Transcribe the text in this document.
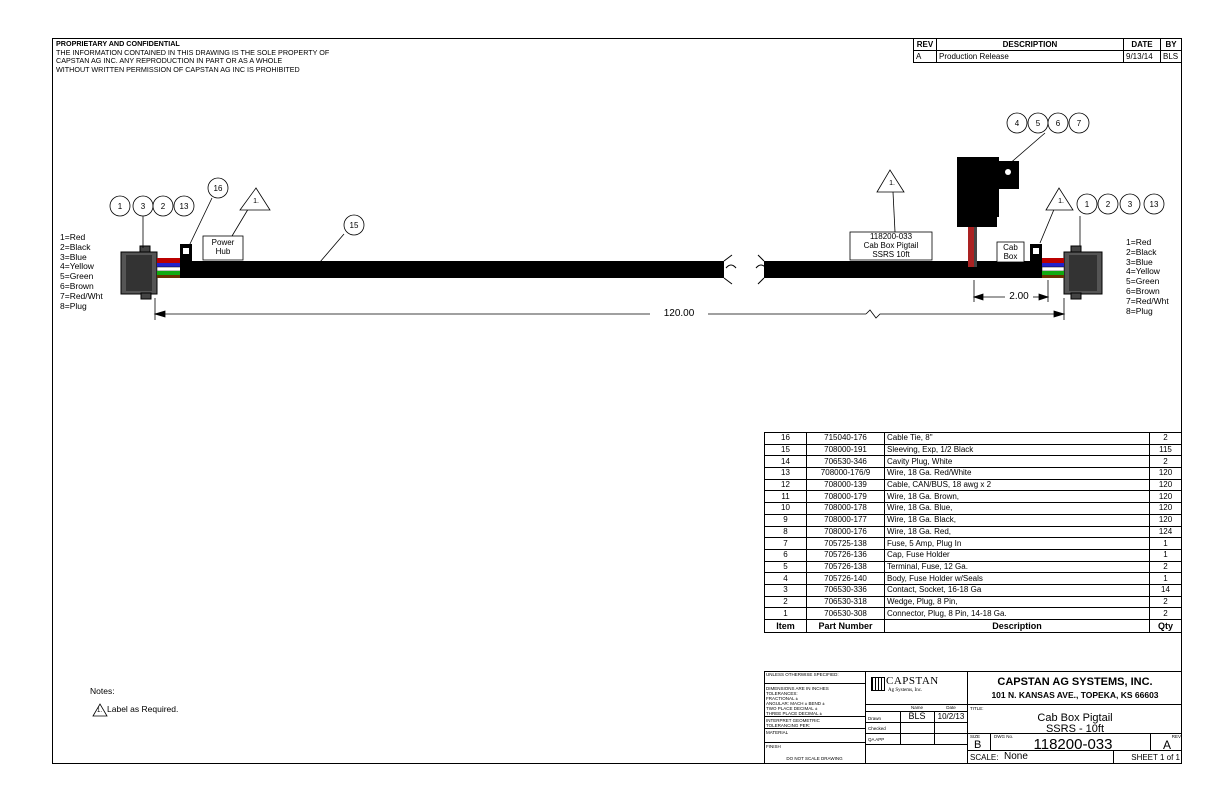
PROPRIETARY AND CONFIDENTIAL
THE INFORMATION CONTAINED IN THIS DRAWING IS THE SOLE PROPERTY OF
CAPSTAN AG INC. ANY REPRODUCTION IN PART OR AS A WHOLE
WITHOUT WRITTEN PERMISSION OF CAPSTAN AG INC IS PROHIBITED
REV	DESCRIPTION	DATE	BY
A	Production Release	9/13/14	BLS
1	3	2	13
16
15
4	5	6	7
1	2	3	13
1.
1.
1.
Power
Hub
118200-033
Cab Box Pigtail
SSRS 10ft
Cab
Box
120.00
2.00
1=Red
2=Black
3=Blue
4=Yellow
5=Green
6=Brown
7=Red/Wht
8=Plug
1=Red
2=Black
3=Blue
4=Yellow
5=Green
6=Brown
7=Red/Wht
8=Plug
16	715040-176	Cable Tie, 8"	2
15	708000-191	Sleeving, Exp, 1/2 Black	115
14	706530-346	Cavity Plug, White	2
13	708000-176/9	Wire, 18 Ga. Red/White	120
12	708000-139	Cable, CAN/BUS, 18 awg x 2	120
11	708000-179	Wire, 18 Ga. Brown,	120
10	708000-178	Wire, 18 Ga. Blue,	120
9	708000-177	Wire, 18 Ga. Black,	120
8	708000-176	Wire, 18 Ga. Red,	124
7	705725-138	Fuse, 5 Amp, Plug In	1
6	705726-136	Cap, Fuse Holder	1
5	705726-138	Terminal, Fuse, 12 Ga.	2
4	705726-140	Body, Fuse Holder w/Seals	1
3	706530-336	Contact, Socket, 16-18 Ga	14
2	706530-318	Wedge, Plug, 8 Pin,	2
1	706530-308	Connector, Plug, 8 Pin, 14-18 Ga.	2
Item	Part Number	Description	Qty
UNLESS OTHERWISE SPECIFIED:
DIMENSIONS ARE IN INCHES
TOLERANCES:
FRACTIONAL ±
ANGULAR: MACH ± BEND ±
TWO PLACE DECIMAL ±
THREE PLACE DECIMAL ±
INTERPRET GEOMETRIC
TOLERANCING PER:
MATERIAL
FINISH
DO NOT SCALE DRAWING
CAPSTAN
Ag Systems, Inc.
CAPSTAN AG SYSTEMS, INC.
101 N. KANSAS AVE., TOPEKA, KS 66603
Name	Date
Drawn	BLS	10/2/13
Checked
QA APP
TITLE:
Cab Box Pigtail
SSRS - 10ft
SIZE
B
DWG No.	118200-033	REV
A
SCALE: None	SHEET 1 of 1
Notes:
1. Label as Required.
